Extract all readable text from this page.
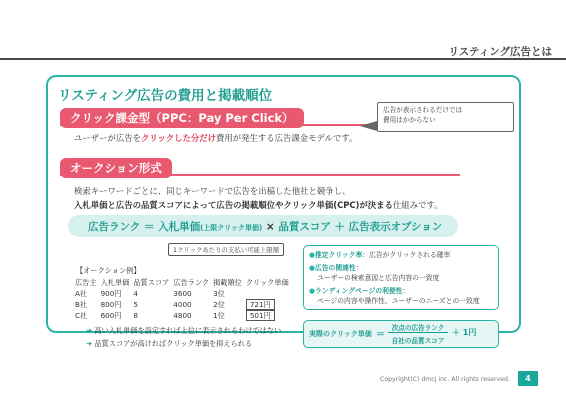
リスティング広告とは
リスティング広告の費用と掲載順位
クリック課金型（PPC：Pay Per Click）
ユーザーが広告をクリックした分だけ費用が発生する広告課金モデルです。
広告が表示されるだけでは
費用はかからない
オークション形式
検索キーワードごとに、同じキーワードで広告を出稿した他社と競争し、
入札単価と広告の品質スコアによって広告の掲載順位やクリック単価(CPC)が決まる仕組みです。
広告ランク ＝ 入札単価(上限クリック単価) × 品質スコア ＋ 広告表示オプション
1クリックあたりの支払い可能上限額
【オークション例】
広告主	入札単価	品質スコア	広告ランク	掲載順位	クリック単価
A社	900円	4	3600	3位	
B社	800円	5	4000	2位	721円
C社	600円	8	4800	1位	501円
➜ 高い入札単価を設定すれば上位に表示されるわけではない
➜ 品質スコアが高ければクリック単価を抑えられる
●推定クリック率：広告がクリックされる確率
●広告の関連性：
ユーザーの検索意図と広告内容の一致度
●ランディングページの利便性：
ページの内容や操作性、ユーザーのニーズとの一致度
実際のクリック単価 ＝
次点の広告ランク
自社の品質スコア
＋ 1円
Copyright(C) dmcj inc. All rights reserved.	4
